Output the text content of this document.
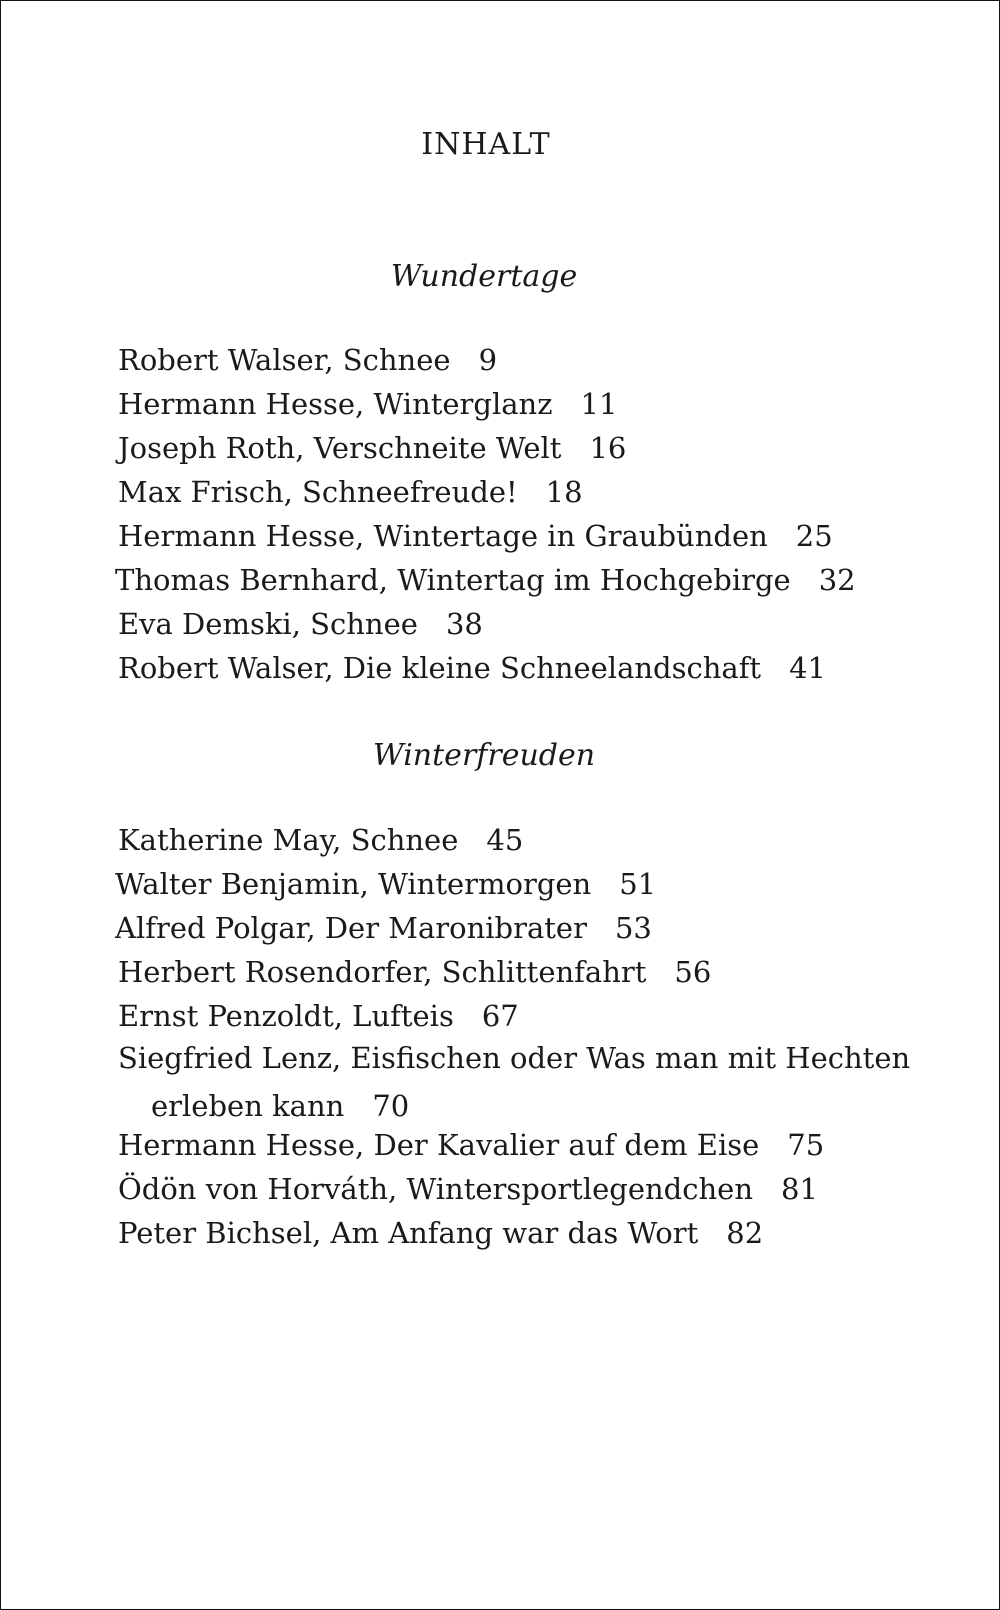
INHALT
Wundertage
Robert Walser, Schnee 9
Hermann Hesse, Winterglanz 11
Joseph Roth, Verschneite Welt 16
Max Frisch, Schneefreude! 18
Hermann Hesse, Wintertage in Graubünden 25
Thomas Bernhard, Wintertag im Hochgebirge 32
Eva Demski, Schnee 38
Robert Walser, Die kleine Schneelandschaft 41
Winterfreuden
Katherine May, Schnee 45
Walter Benjamin, Wintermorgen 51
Alfred Polgar, Der Maronibrater 53
Herbert Rosendorfer, Schlittenfahrt 56
Ernst Penzoldt, Lufteis 67
Siegfried Lenz, Eisfischen oder Was man mit Hechten
erleben kann 70
Hermann Hesse, Der Kavalier auf dem Eise 75
Ödön von Horváth, Wintersportlegendchen 81
Peter Bichsel, Am Anfang war das Wort 82
